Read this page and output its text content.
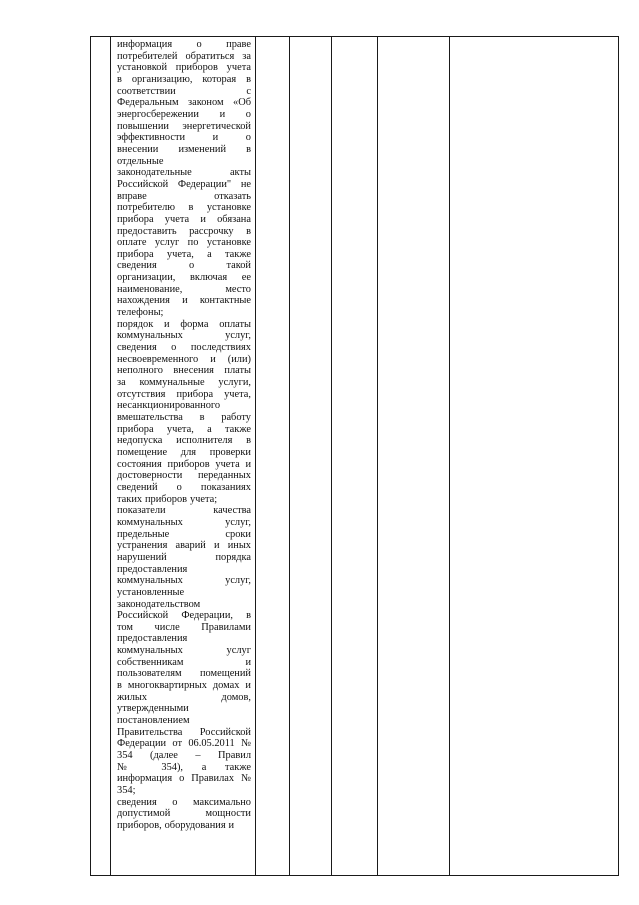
информация о праве
потребителей обратиться за
установкой приборов учета
в организацию, которая в
соответствии с
Федеральным законом «Об
энергосбережении и о
повышении энергетической
эффективности и о
внесении изменений в
отдельные
законодательные акты
Российской Федерации" не
вправе отказать
потребителю в установке
прибора учета и обязана
предоставить рассрочку в
оплате услуг по установке
прибора учета, а также
сведения о такой
организации, включая ее
наименование, место
нахождения и контактные
телефоны;
порядок и форма оплаты
коммунальных услуг,
сведения о последствиях
несвоевременного и (или)
неполного внесения платы
за коммунальные услуги,
отсутствия прибора учета,
несанкционированного
вмешательства в работу
прибора учета, а также
недопуска исполнителя в
помещение для проверки
состояния приборов учета и
достоверности переданных
сведений о показаниях
таких приборов учета;
показатели качества
коммунальных услуг,
предельные сроки
устранения аварий и иных
нарушений порядка
предоставления
коммунальных услуг,
установленные
законодательством
Российской Федерации, в
том числе Правилами
предоставления
коммунальных услуг
собственникам и
пользователям помещений
в многоквартирных домах и
жилых домов,
утвержденными
постановлением
Правительства Российской
Федерации от 06.05.2011 №
354 (далее – Правил
№ 354), а также
информация о Правилах №
354;
сведения о максимально
допустимой мощности
приборов, оборудования и
